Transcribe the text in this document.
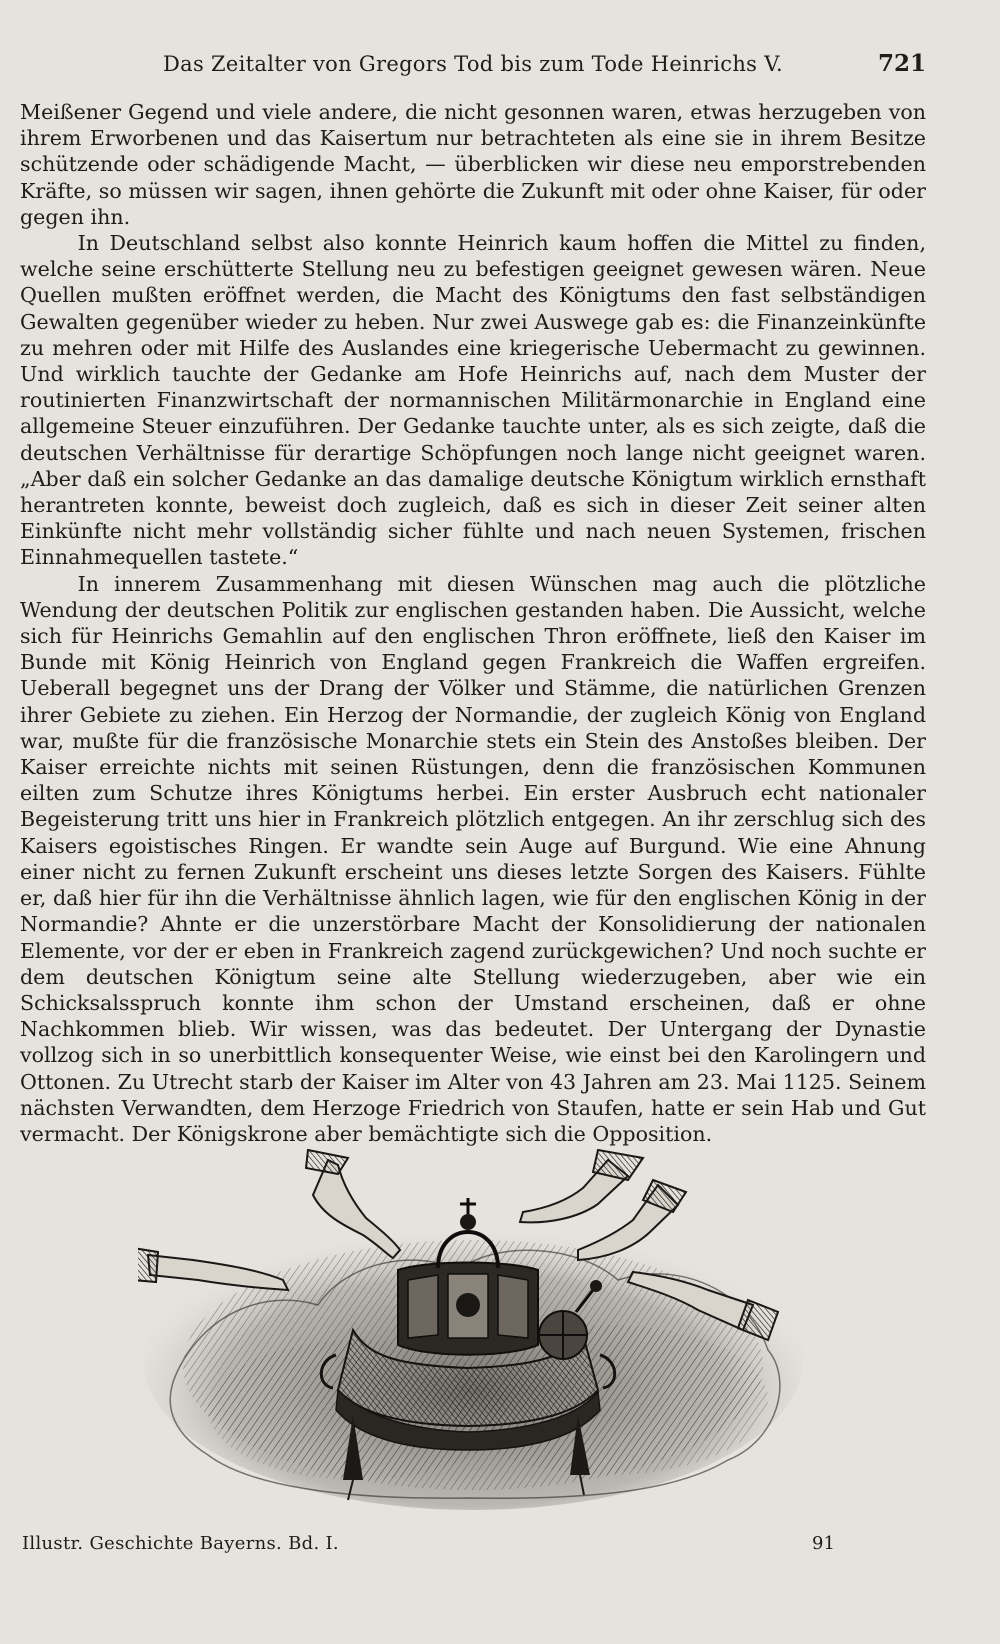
Das Zeitalter von Gregors Tod bis zum Tode Heinrichs V.	721

Meißener Gegend und viele andere, die nicht gesonnen waren, etwas herzugeben von ihrem Erworbenen und das Kaisertum nur betrachteten als eine sie in ihrem Besitze schützende oder schädigende Macht, — überblicken wir diese neu emporstrebenden Kräfte, so müssen wir sagen, ihnen gehörte die Zukunft mit oder ohne Kaiser, für oder gegen ihn.

In Deutschland selbst also konnte Heinrich kaum hoffen die Mittel zu finden, welche seine erschütterte Stellung neu zu befestigen geeignet gewesen wären. Neue Quellen mußten eröffnet werden, die Macht des Königtums den fast selbständigen Gewalten gegenüber wieder zu heben. Nur zwei Auswege gab es: die Finanzeinkünfte zu mehren oder mit Hilfe des Auslandes eine kriegerische Uebermacht zu gewinnen. Und wirklich tauchte der Gedanke am Hofe Heinrichs auf, nach dem Muster der routinierten Finanzwirtschaft der normannischen Militärmonarchie in England eine allgemeine Steuer einzuführen. Der Gedanke tauchte unter, als es sich zeigte, daß die deutschen Verhältnisse für derartige Schöpfungen noch lange nicht geeignet waren. „Aber daß ein solcher Gedanke an das damalige deutsche Königtum wirklich ernsthaft herantreten konnte, beweist doch zugleich, daß es sich in dieser Zeit seiner alten Einkünfte nicht mehr vollständig sicher fühlte und nach neuen Systemen, frischen Einnahmequellen tastete.“

In innerem Zusammenhang mit diesen Wünschen mag auch die plötzliche Wendung der deutschen Politik zur englischen gestanden haben. Die Aussicht, welche sich für Heinrichs Gemahlin auf den englischen Thron eröffnete, ließ den Kaiser im Bunde mit König Heinrich von England gegen Frankreich die Waffen ergreifen. Ueberall begegnet uns der Drang der Völker und Stämme, die natürlichen Grenzen ihrer Gebiete zu ziehen. Ein Herzog der Normandie, der zugleich König von England war, mußte für die französische Monarchie stets ein Stein des Anstoßes bleiben. Der Kaiser erreichte nichts mit seinen Rüstungen, denn die französischen Kommunen eilten zum Schutze ihres Königtums herbei. Ein erster Ausbruch echt nationaler Begeisterung tritt uns hier in Frankreich plötzlich entgegen. An ihr zerschlug sich des Kaisers egoistisches Ringen. Er wandte sein Auge auf Burgund. Wie eine Ahnung einer nicht zu fernen Zukunft erscheint uns dieses letzte Sorgen des Kaisers. Fühlte er, daß hier für ihn die Verhältnisse ähnlich lagen, wie für den englischen König in der Normandie? Ahnte er die unzerstörbare Macht der Konsolidierung der nationalen Elemente, vor der er eben in Frankreich zagend zurückgewichen? Und noch suchte er dem deutschen Königtum seine alte Stellung wiederzugeben, aber wie ein Schicksalsspruch konnte ihm schon der Umstand erscheinen, daß er ohne Nachkommen blieb. Wir wissen, was das bedeutet. Der Untergang der Dynastie vollzog sich in so unerbittlich konsequenter Weise, wie einst bei den Karolingern und Ottonen. Zu Utrecht starb der Kaiser im Alter von 43 Jahren am 23. Mai 1125. Seinem nächsten Verwandten, dem Herzoge Friedrich von Staufen, hatte er sein Hab und Gut vermacht. Der Königskrone aber bemächtigte sich die Opposition.

Illustr. Geschichte Bayerns. Bd. I.	91
